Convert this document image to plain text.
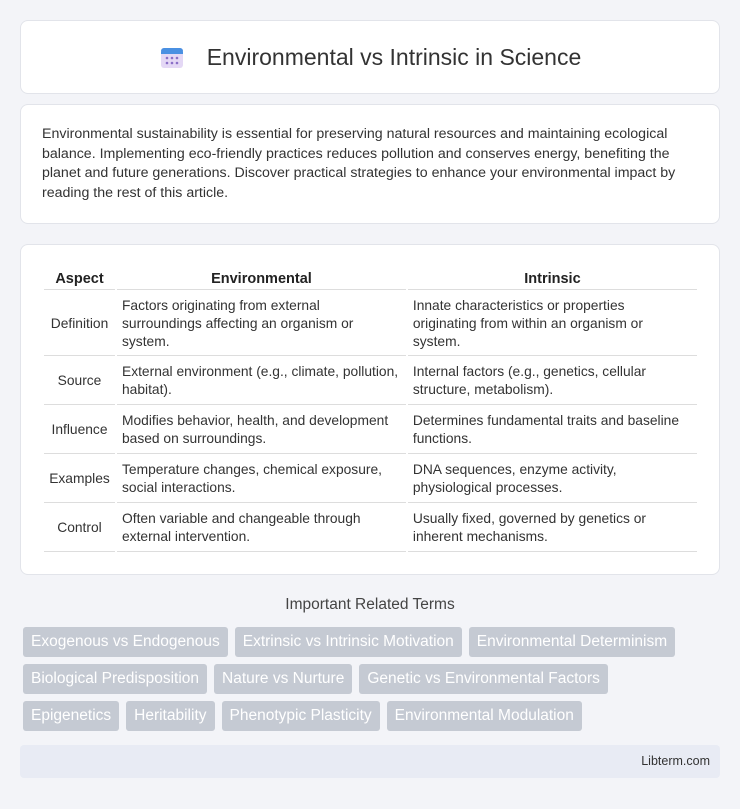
Environmental vs Intrinsic in Science

Environmental sustainability is essential for preserving natural resources and maintaining ecological balance. Implementing eco-friendly practices reduces pollution and conserves energy, benefiting the planet and future generations. Discover practical strategies to enhance your environmental impact by reading the rest of this article.

Aspect	Environmental	Intrinsic
Definition	Factors originating from external surroundings affecting an organism or system.	Innate characteristics or properties originating from within an organism or system.
Source	External environment (e.g., climate, pollution, habitat).	Internal factors (e.g., genetics, cellular structure, metabolism).
Influence	Modifies behavior, health, and development based on surroundings.	Determines fundamental traits and baseline functions.
Examples	Temperature changes, chemical exposure, social interactions.	DNA sequences, enzyme activity, physiological processes.
Control	Often variable and changeable through external intervention.	Usually fixed, governed by genetics or inherent mechanisms.
Important Related Terms
Exogenous vs Endogenous	Extrinsic vs Intrinsic Motivation	Environmental Determinism
Biological Predisposition	Nature vs Nurture	Genetic vs Environmental Factors
Epigenetics	Heritability	Phenotypic Plasticity	Environmental Modulation
Libterm.com
